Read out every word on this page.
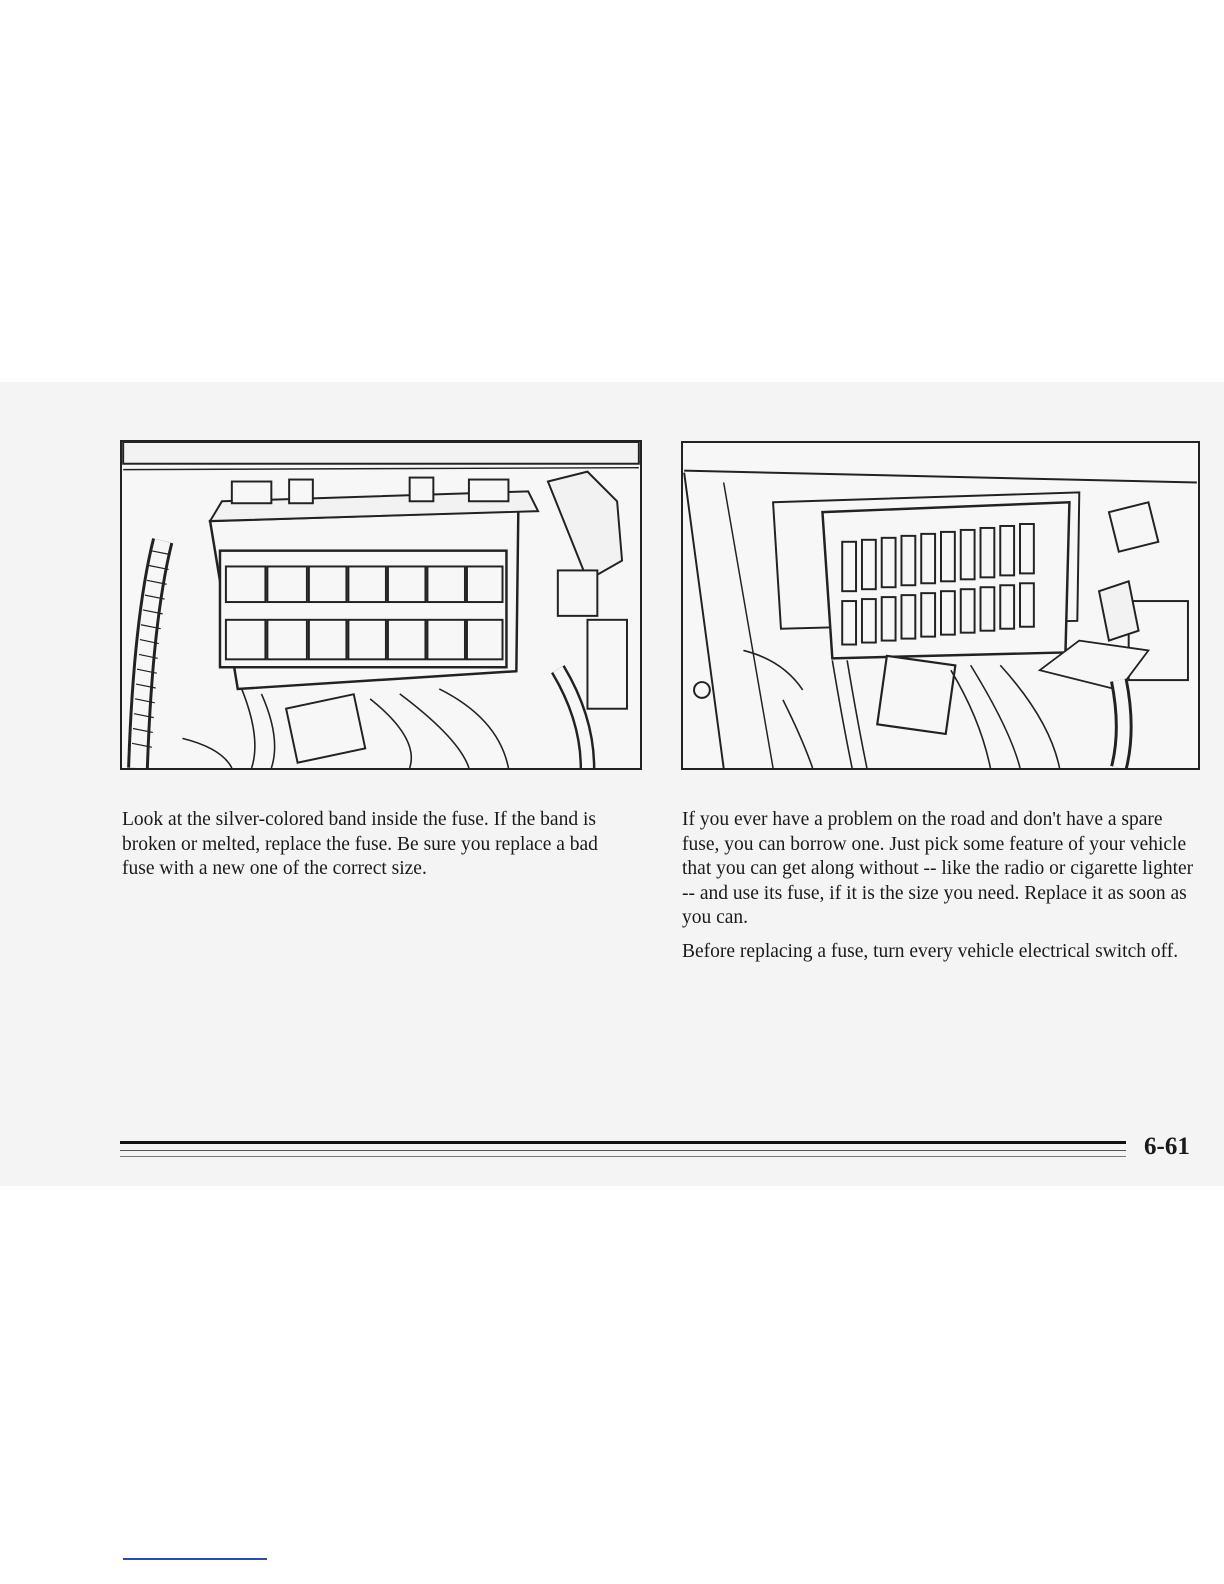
Look at the silver-colored band inside the fuse. If the band is broken or melted, replace the fuse. Be sure you replace a bad fuse with a new one of the correct size.

If you ever have a problem on the road and don't have a spare fuse, you can borrow one. Just pick some feature of your vehicle that you can get along without -- like the radio or cigarette lighter -- and use its fuse, if it is the size you need. Replace it as soon as you can.

Before replacing a fuse, turn every vehicle electrical switch off.

6-61
